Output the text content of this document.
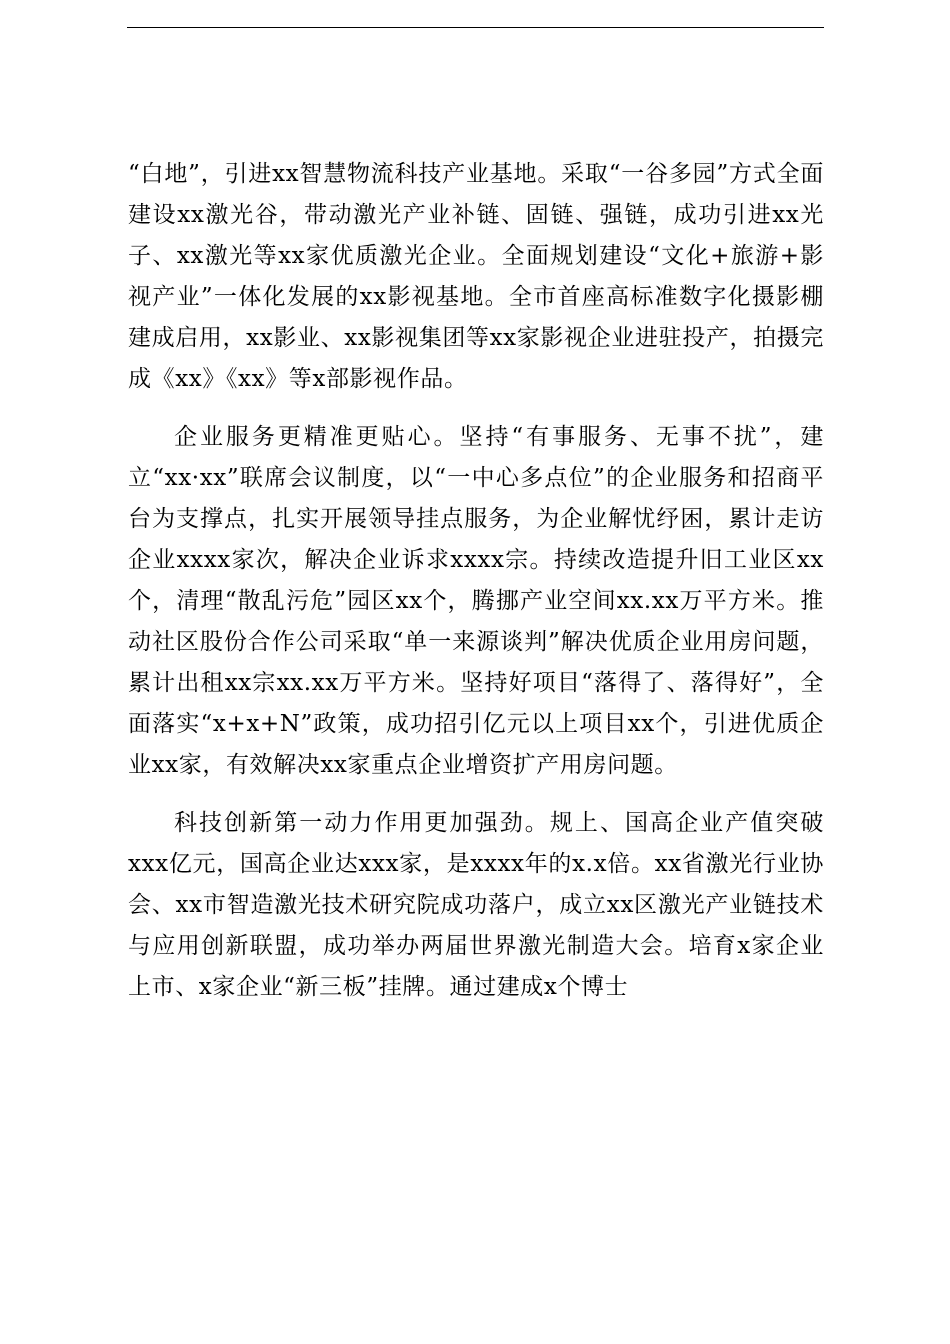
“白地”，引进xx智慧物流科技产业基地。采取“一谷多园”方式全面建设xx激光谷，带动激光产业补链、固链、强链，成功引进xx光子、xx激光等xx家优质激光企业。全面规划建设“文化+旅游+影视产业”一体化发展的xx影视基地。全市首座高标准数字化摄影棚建成启用，xx影业、xx影视集团等xx家影视企业进驻投产，拍摄完成《xx》《xx》等x部影视作品。

企业服务更精准更贴心。坚持“有事服务、无事不扰”，建立“xx·xx”联席会议制度，以“一中心多点位”的企业服务和招商平台为支撑点，扎实开展领导挂点服务，为企业解忧纾困，累计走访企业xxxx家次，解决企业诉求xxxx宗。持续改造提升旧工业区xx个，清理“散乱污危”园区xx个，腾挪产业空间xx.xx万平方米。推动社区股份合作公司采取“单一来源谈判”解决优质企业用房问题，累计出租xx宗xx.xx万平方米。坚持好项目“落得了、落得好”，全面落实“x+x+N”政策，成功招引亿元以上项目xx个，引进优质企业xx家，有效解决xx家重点企业增资扩产用房问题。

科技创新第一动力作用更加强劲。规上、国高企业产值突破xxx亿元，国高企业达xxx家，是xxxx年的x.x倍。xx省激光行业协会、xx市智造激光技术研究院成功落户，成立xx区激光产业链技术与应用创新联盟，成功举办两届世界激光制造大会。培育x家企业上市、x家企业“新三板”挂牌。通过建成x个博士
